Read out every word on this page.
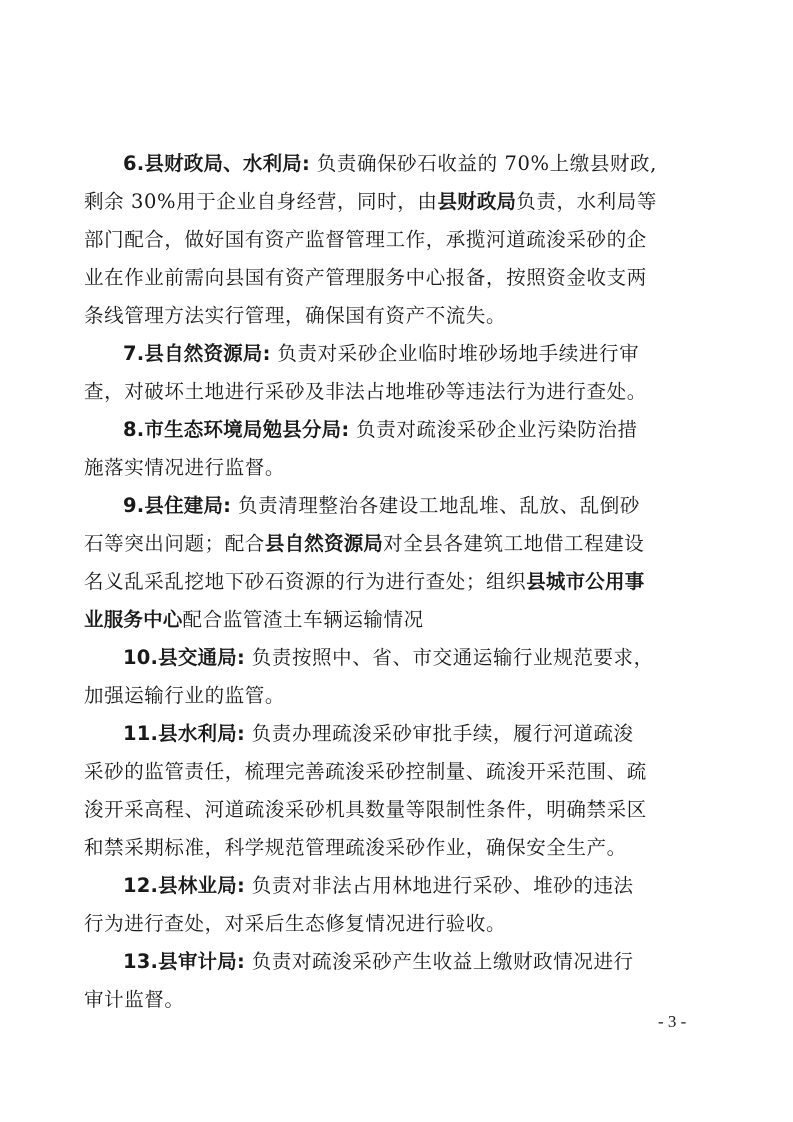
6.县财政局、水利局: 负责确保砂石收益的 70%上缴县财政,
剩余 30%用于企业自身经营，同时，由县财政局负责，水利局等
部门配合，做好国有资产监督管理工作，承揽河道疏浚采砂的企
业在作业前需向县国有资产管理服务中心报备，按照资金收支两
条线管理方法实行管理，确保国有资产不流失。
7.县自然资源局: 负责对采砂企业临时堆砂场地手续进行审
查，对破坏土地进行采砂及非法占地堆砂等违法行为进行查处。
8.市生态环境局勉县分局: 负责对疏浚采砂企业污染防治措
施落实情况进行监督。
9.县住建局: 负责清理整治各建设工地乱堆、乱放、乱倒砂
石等突出问题；配合县自然资源局对全县各建筑工地借工程建设
名义乱采乱挖地下砂石资源的行为进行查处；组织县城市公用事
业服务中心配合监管渣土车辆运输情况
10.县交通局: 负责按照中、省、市交通运输行业规范要求，
加强运输行业的监管。
11.县水利局: 负责办理疏浚采砂审批手续，履行河道疏浚
采砂的监管责任，梳理完善疏浚采砂控制量、疏浚开采范围、疏
浚开采高程、河道疏浚采砂机具数量等限制性条件，明确禁采区
和禁采期标准，科学规范管理疏浚采砂作业，确保安全生产。
12.县林业局: 负责对非法占用林地进行采砂、堆砂的违法
行为进行查处，对采后生态修复情况进行验收。
13.县审计局: 负责对疏浚采砂产生收益上缴财政情况进行
审计监督。
- 3 -
